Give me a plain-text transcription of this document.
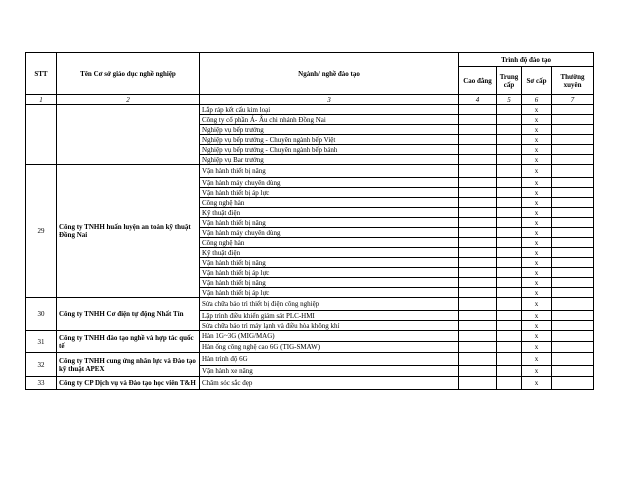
STT	Tên Cơ sở giáo dục nghề nghiệp	Ngành/ nghề đào tạo	Trình độ đào tạo			
			Cao đẳng	Trung cấp	Sơ cấp	Thường xuyên
1	2	3	4	5	6	7
		Lắp ráp kết cấu kim loại			x	
		Công ty cổ phần Á- Âu chi nhánh Đồng Nai			x	
		Nghiệp vụ bếp trưởng			x	
		Nghiệp vụ bếp trưởng - Chuyên ngành bếp Việt			x	
		Nghiệp vụ bếp trưởng - Chuyên ngành bếp bánh			x	
		Nghiệp vụ Bar trưởng			x	
29	Công ty TNHH huấn luyện an toàn kỹ thuật Đồng Nai	Vận hành thiết bị nâng			x	
		Vận hành máy chuyên dùng			x	
		Vận hành thiết bị áp lực			x	
		Công nghệ hàn			x	
		Kỹ thuật điện			x	
		Vận hành thiết bị nâng			x	
		Vận hành máy chuyên dùng			x	
		Công nghệ hàn			x	
		Kỹ thuật điện			x	
		Vận hành thiết bị nâng			x	
		Vận hành thiết bị áp lực			x	
		Vận hành thiết bị nâng			x	
		Vận hành thiết bị áp lực			x	
30	Công ty TNHH Cơ điện tự động Nhất Tín	Sửa chữa bảo trì thiết bị điện công nghiệp			x	
		Lập trình điều khiển giám sát PLC-HMI			x	
		Sửa chữa bảo trì máy lạnh và điều hòa không khí			x	
31	Công ty TNHH đào tạo nghề và hợp tác quốc tế	Hàn 1G~3G (MIG/MAG)			x	
		Hàn ống công nghệ cao 6G (TIG-SMAW)			x	
32	Công ty TNHH cung ứng nhân lực và Đào tạo kỹ thuật APEX	Hàn trình độ 6G			x	
		Vận hành xe nâng			x	
33	Công ty CP Dịch vụ và Đào tạo học viên T&H	Chăm sóc sắc đẹp			x	
